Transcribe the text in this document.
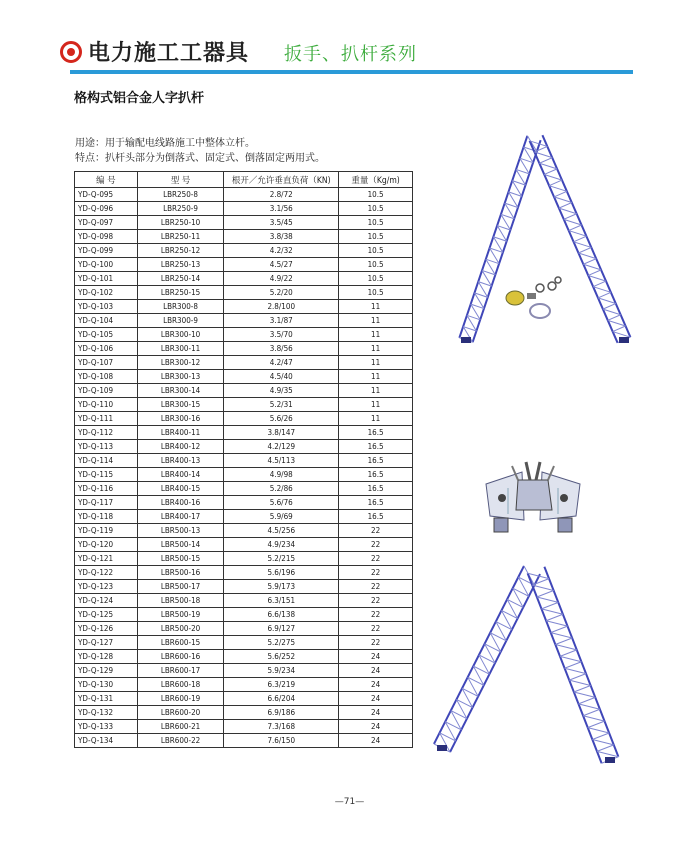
电力施工工器具 扳手、扒杆系列
格构式铝合金人字扒杆
用途：用于输配电线路施工中整体立杆。
特点：扒杆头部分为倒落式、固定式、倒落固定两用式。
编 号	型 号	根开／允许垂直负荷（KN)	重量（Kg/m)
YD-Q-095	LBR250-8	2.8/72	10.5
YD-Q-096	LBR250-9	3.1/56	10.5
YD-Q-097	LBR250-10	3.5/45	10.5
YD-Q-098	LBR250-11	3.8/38	10.5
YD-Q-099	LBR250-12	4.2/32	10.5
YD-Q-100	LBR250-13	4.5/27	10.5
YD-Q-101	LBR250-14	4.9/22	10.5
YD-Q-102	LBR250-15	5.2/20	10.5
YD-Q-103	LBR300-8	2.8/100	11
YD-Q-104	LBR300-9	3.1/87	11
YD-Q-105	LBR300-10	3.5/70	11
YD-Q-106	LBR300-11	3.8/56	11
YD-Q-107	LBR300-12	4.2/47	11
YD-Q-108	LBR300-13	4.5/40	11
YD-Q-109	LBR300-14	4.9/35	11
YD-Q-110	LBR300-15	5.2/31	11
YD-Q-111	LBR300-16	5.6/26	11
YD-Q-112	LBR400-11	3.8/147	16.5
YD-Q-113	LBR400-12	4.2/129	16.5
YD-Q-114	LBR400-13	4.5/113	16.5
YD-Q-115	LBR400-14	4.9/98	16.5
YD-Q-116	LBR400-15	5.2/86	16.5
YD-Q-117	LBR400-16	5.6/76	16.5
YD-Q-118	LBR400-17	5.9/69	16.5
YD-Q-119	LBR500-13	4.5/256	22
YD-Q-120	LBR500-14	4.9/234	22
YD-Q-121	LBR500-15	5.2/215	22
YD-Q-122	LBR500-16	5.6/196	22
YD-Q-123	LBR500-17	5.9/173	22
YD-Q-124	LBR500-18	6.3/151	22
YD-Q-125	LBR500-19	6.6/138	22
YD-Q-126	LBR500-20	6.9/127	22
YD-Q-127	LBR600-15	5.2/275	22
YD-Q-128	LBR600-16	5.6/252	24
YD-Q-129	LBR600-17	5.9/234	24
YD-Q-130	LBR600-18	6.3/219	24
YD-Q-131	LBR600-19	6.6/204	24
YD-Q-132	LBR600-20	6.9/186	24
YD-Q-133	LBR600-21	7.3/168	24
YD-Q-134	LBR600-22	7.6/150	24
—71—
